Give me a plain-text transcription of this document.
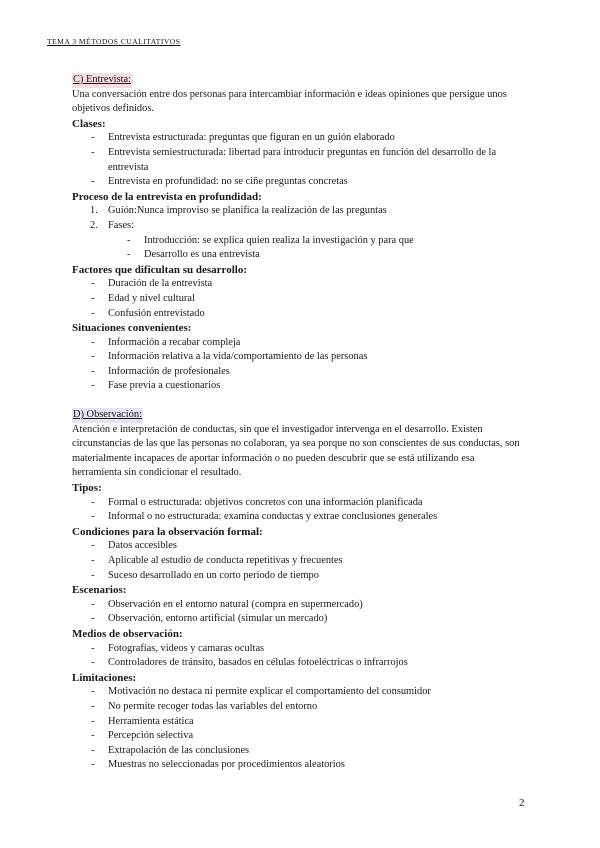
TEMA 3 MÉTODOS CUALITATIVOS
C) Entrevista:
Una conversación entre dos personas para intercambiar información e ideas opiniones que persigue unos objetivos definidos.
Clases:
- Entrevista estructurada: preguntas que figuran en un guión elaborado
- Entrevista semiestructurada: libertad para introducir preguntas en función del desarrollo de la entrevista
- Entrevista en profundidad: no se ciñe preguntas concretas
Proceso de la entrevista en profundidad:
1. Guión:Nunca improviso se planifica la realización de las preguntas
2. Fases:
- Introducción: se explica quien realiza la investigación y para que
- Desarrollo es una entrevista
Factores que dificultan su desarrollo:
- Duración de la entrevista
- Edad y nivel cultural
- Confusión entrevistado
Situaciones convenientes:
- Información a recabar compleja
- Información relativa a la vida/comportamiento de las personas
- Información de profesionales
- Fase previa a cuestionarios
D) Observación:
Atención e interpretación de conductas, sin que el investigador intervenga en el desarrollo. Existen circunstancias de las que las personas no colaboran, ya sea porque no son conscientes de sus conductas, son materialmente incapaces de aportar información o no pueden descubrir que se está utilizando esa herramienta sin condicionar el resultado.
Tipos:
- Formal o estructurada: objetivos concretos con una información planificada
- Informal o no estructurada: examina conductas y extrae conclusiones generales
Condiciones para la observación formal:
- Datos accesibles
- Aplicable al estudio de conducta repetitivas y frecuentes
- Suceso desarrollado en un corto periodo de tiempo
Escenarios:
- Observación en el entorno natural (compra en supermercado)
- Observación, entorno artificial (simular un mercado)
Medios de observación:
- Fotografías, videos y camaras ocultas
- Controladores de tránsito, basados en células fotoeléctricas o infrarrojos
Limitaciones:
- Motivación no destaca ni permite explicar el comportamiento del consumidor
- No permite recoger todas las variables del entorno
- Herramienta estática
- Percepción selectiva
- Extrapolación de las conclusiones
- Muestras no seleccionadas por procedimientos aleatorios
2
